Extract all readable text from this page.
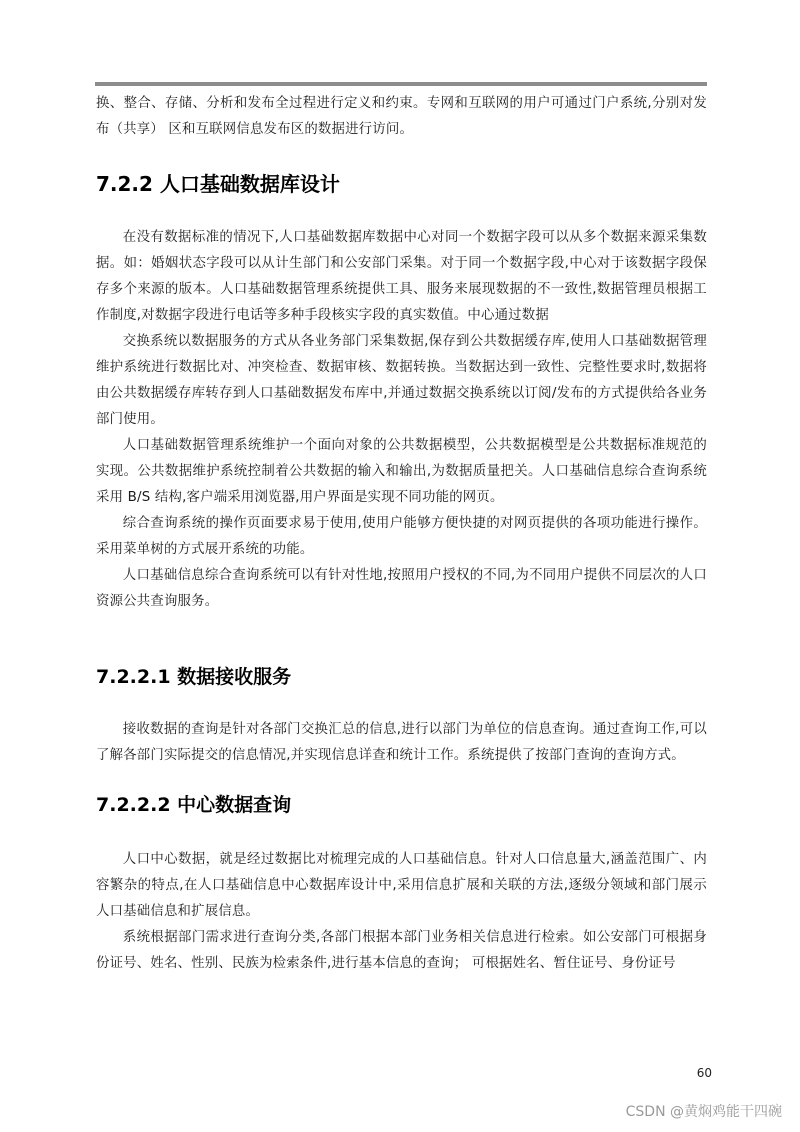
换、整合、存储、分析和发布全过程进行定义和约束。专网和互联网的用户可通过门户系统,分别对发布（共享） 区和互联网信息发布区的数据进行访问。

7.2.2 人口基础数据库设计

在没有数据标准的情况下,人口基础数据库数据中心对同一个数据字段可以从多个数据来源采集数据。如：婚姻状态字段可以从计生部门和公安部门采集。对于同一个数据字段,中心对于该数据字段保存多个来源的版本。人口基础数据管理系统提供工具、服务来展现数据的不一致性,数据管理员根据工作制度,对数据字段进行电话等多种手段核实字段的真实数值。中心通过数据

交换系统以数据服务的方式从各业务部门采集数据,保存到公共数据缓存库,使用人口基础数据管理维护系统进行数据比对、冲突检查、数据审核、数据转换。当数据达到一致性、完整性要求时,数据将由公共数据缓存库转存到人口基础数据发布库中,并通过数据交换系统以订阅/发布的方式提供给各业务部门使用。

人口基础数据管理系统维护一个面向对象的公共数据模型，公共数据模型是公共数据标准规范的实现。公共数据维护系统控制着公共数据的输入和输出,为数据质量把关。人口基础信息综合查询系统采用 B/S 结构,客户端采用浏览器,用户界面是实现不同功能的网页。

综合查询系统的操作页面要求易于使用,使用户能够方便快捷的对网页提供的各项功能进行操作。采用菜单树的方式展开系统的功能。

人口基础信息综合查询系统可以有针对性地,按照用户授权的不同,为不同用户提供不同层次的人口资源公共查询服务。

7.2.2.1 数据接收服务

接收数据的查询是针对各部门交换汇总的信息,进行以部门为单位的信息查询。通过查询工作,可以了解各部门实际提交的信息情况,并实现信息详查和统计工作。系统提供了按部门查询的查询方式。

7.2.2.2 中心数据查询

人口中心数据，就是经过数据比对梳理完成的人口基础信息。针对人口信息量大,涵盖范围广、内容繁杂的特点,在人口基础信息中心数据库设计中,采用信息扩展和关联的方法,逐级分领域和部门展示人口基础信息和扩展信息。

系统根据部门需求进行查询分类,各部门根据本部门业务相关信息进行检索。如公安部门可根据身份证号、姓名、性别、民族为检索条件,进行基本信息的查询； 可根据姓名、暂住证号、身份证号

60
CSDN @黄焖鸡能干四碗
